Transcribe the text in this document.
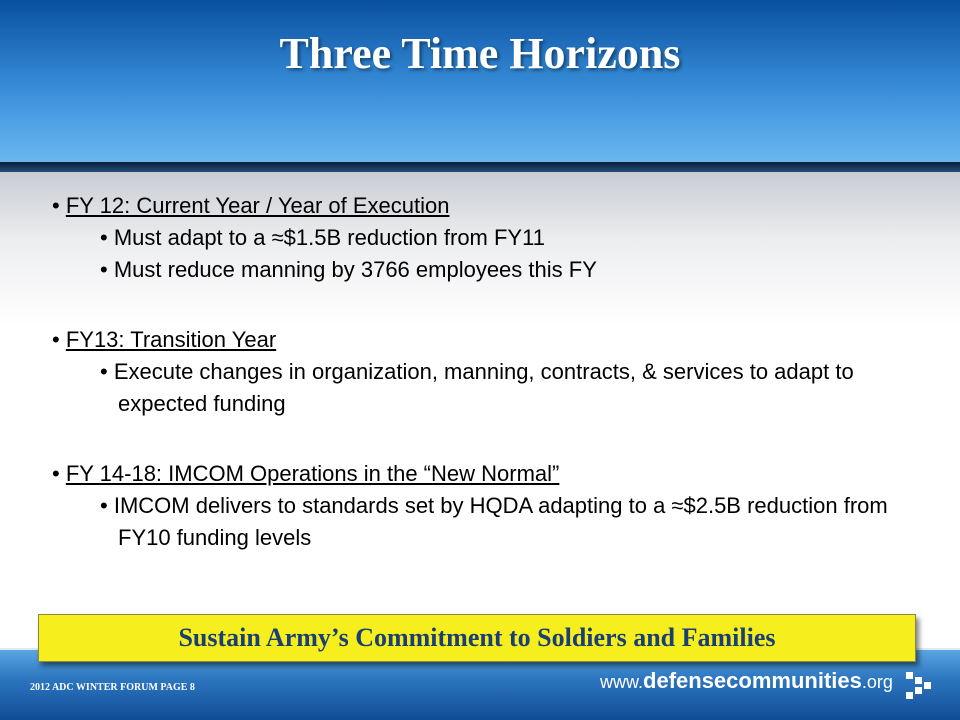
Three Time Horizons

• FY 12: Current Year / Year of Execution

• Must adapt to a ≈$1.5B reduction from FY11

• Must reduce manning by 3766 employees this FY

• FY13: Transition Year

• Execute changes in organization, manning, contracts, & services to adapt to expected funding

• FY 14-18: IMCOM Operations in the “New Normal”

• IMCOM delivers to standards set by HQDA adapting to a ≈$2.5B reduction from FY10 funding levels

Sustain Army’s Commitment to Soldiers and Families
2012 ADC WINTER FORUM PAGE 8	www.defensecommunities.org
